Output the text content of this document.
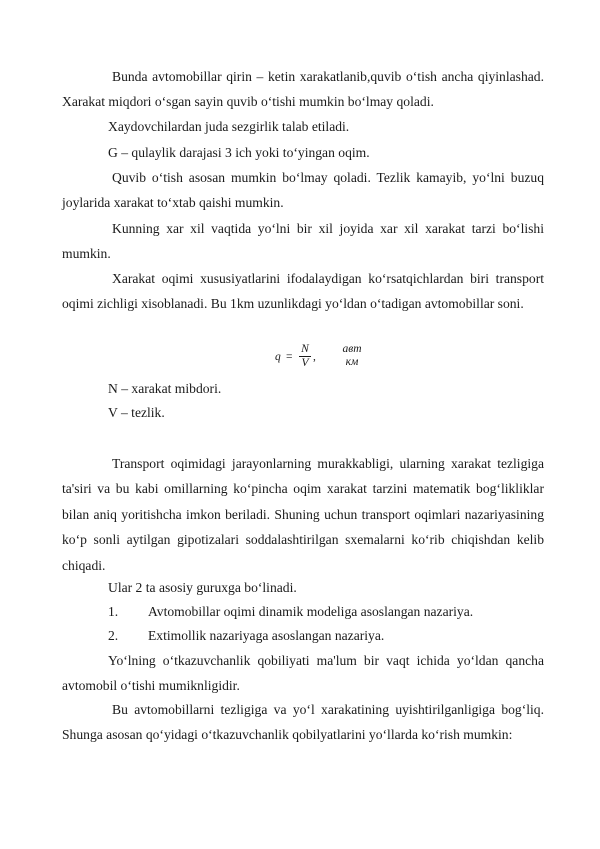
Bunda avtomobillar qirin – ketin xarakatlanib,quvib o‘tish ancha qiyinlashad. Xarakat miqdori o‘sgan sayin quvib o‘tishi mumkin bo‘lmay qoladi.

Xaydovchilardan juda sezgirlik talab etiladi.

G – qulaylik darajasi 3 ich yoki to‘yingan oqim.

Quvib o‘tish asosan mumkin bo‘lmay qoladi. Tezlik kamayib, yo‘lni buzuq joylarida xarakat to‘xtab qaishi mumkin.

Kunning xar xil vaqtida yo‘lni bir xil joyida xar xil xarakat tarzi bo‘lishi mumkin.

Xarakat oqimi xususiyatlarini ifodalaydigan ko‘rsatqichlardan biri transport oqimi zichligi xisoblanadi. Bu 1km uzunlikdagi yo‘ldan o‘tadigan avtomobillar soni.

$q = \frac{N}{V}$ ,
авт
км

N – xarakat mibdori.

V – tezlik.

Transport oqimidagi jarayonlarning murakkabligi, ularning xarakat tezligiga ta'siri va bu kabi omillarning ko‘pincha oqim xarakat tarzini matematik bog‘likliklar bilan aniq yoritishcha imkon beriladi. Shuning uchun transport oqimlari nazariyasining ko‘p sonli aytilgan gipotizalari soddalashtirilgan sxemalarni ko‘rib chiqishdan kelib chiqadi.

Ular 2 ta asosiy guruxga bo‘linadi.

1. Avtomobillar oqimi dinamik modeliga asoslangan nazariya.
2. Extimollik nazariyaga asoslangan nazariya.

Yo‘lning o‘tkazuvchanlik qobiliyati ma'lum bir vaqt ichida yo‘ldan qancha avtomobil o‘tishi mumiknligidir.

Bu avtomobillarni tezligiga va yo‘l xarakatining uyishtirilganligiga bog‘liq. Shunga asosan qo‘yidagi o‘tkazuvchanlik qobilyatlarini yo‘llarda ko‘rish mumkin:
